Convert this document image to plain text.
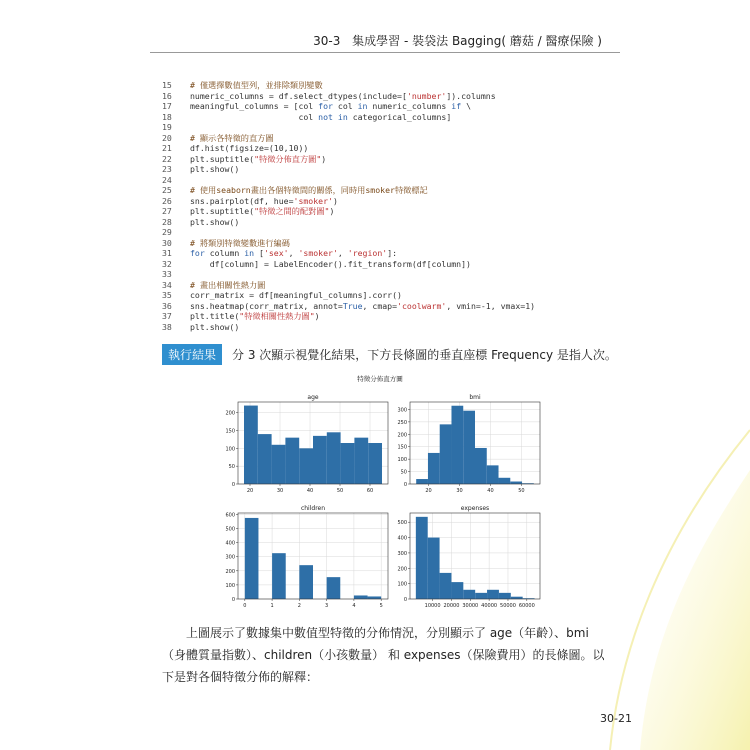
30-3 集成學習 - 裝袋法 Bagging( 蘑菇 / 醫療保險 )
15	# 僅選擇數值型列，並排除類別變數
16	numeric_columns = df.select_dtypes(include=['number']).columns
17	meaningful_columns = [col for col in numeric_columns if \
18	col not in categorical_columns]
19
20	# 顯示各特徵的直方圖
21	df.hist(figsize=(10,10))
22	plt.suptitle("特徵分佈直方圖")
23	plt.show()
24
25	# 使用seaborn畫出各個特徵間的關係，同時用smoker特徵標記
26	sns.pairplot(df, hue='smoker')
27	plt.suptitle("特徵之間的配對圖")
28	plt.show()
29
30	# 將類別特徵變數進行編碼
31	for column in ['sex', 'smoker', 'region']:
32	df[column] = LabelEncoder().fit_transform(df[column])
33
34	# 畫出相關性熱力圖
35	corr_matrix = df[meaningful_columns].corr()
36	sns.heatmap(corr_matrix, annot=True, cmap='coolwarm', vmin=-1, vmax=1)
37	plt.title("特徵相關性熱力圖")
38	plt.show()
執行結果	分 3 次顯示視覺化結果，下方長條圖的垂直座標 Frequency 是指人次。
特徵分佈直方圖
age
0
50
100
150
200
20	30	40	50	60
bmi
0
50
100
150
200
250
300
20	30	40	50
children
0
100
200
300
400
500
600
0	1	2	3	4	5
expenses
0
100
200
300
400
500
10000 20000 30000 40000 50000 60000
上圖展示了數據集中數值型特徵的分佈情況，分別顯示了 age（年齡）、bmi（身體質量指數）、children（小孩數量） 和 expenses（保險費用）的長條圖。以下是對各個特徵分佈的解釋：
30-21
